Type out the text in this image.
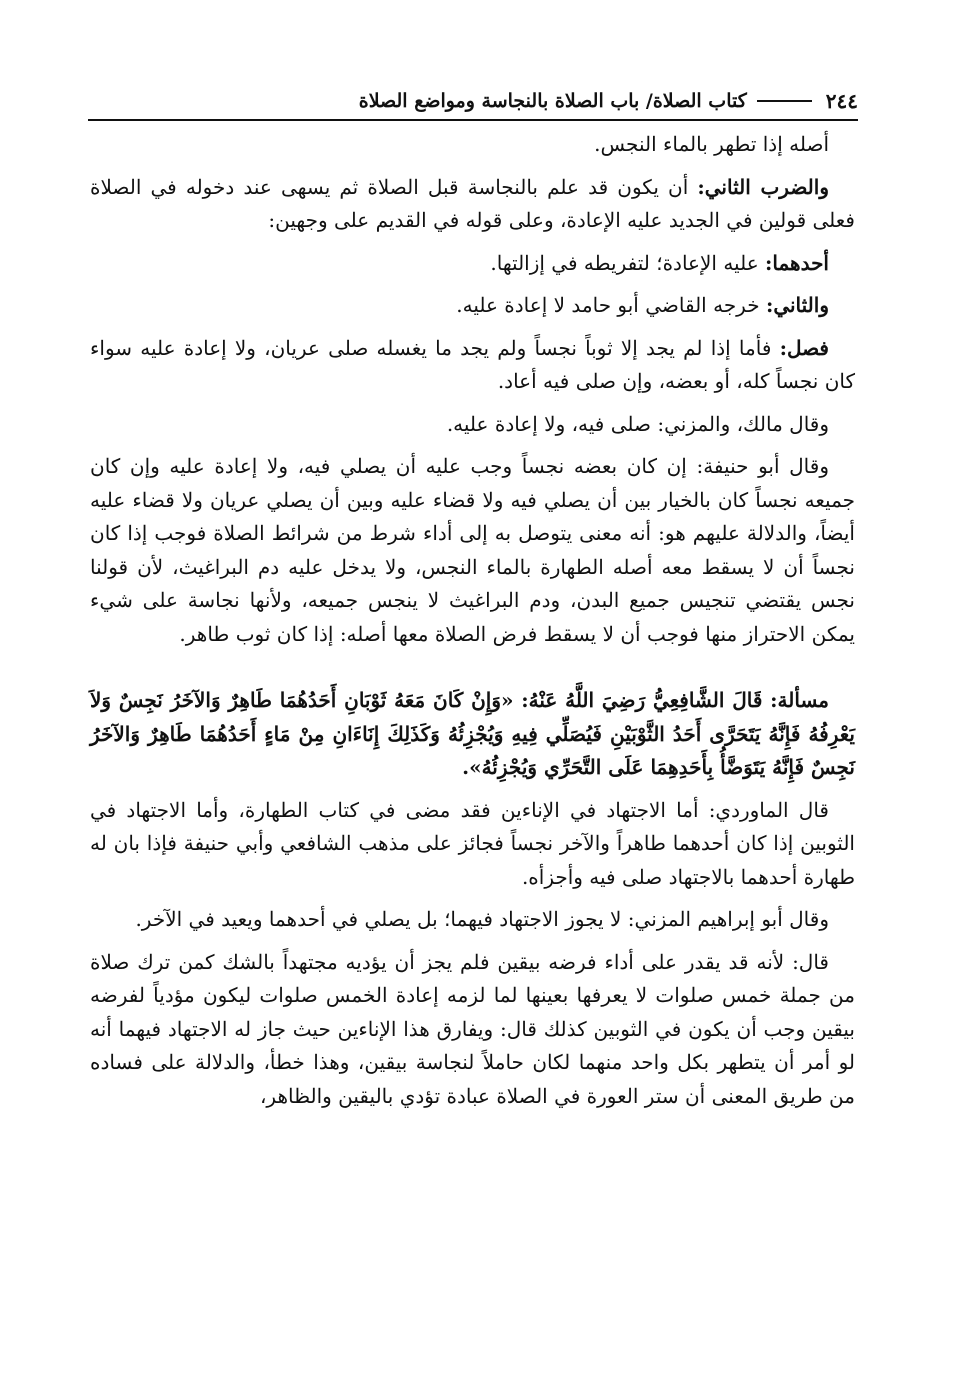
٢٤٤
كتاب الصلاة/ باب الصلاة بالنجاسة ومواضع الصلاة

أصله إذا تطهر بالماء النجس.

والضرب الثاني: أن يكون قد علم بالنجاسة قبل الصلاة ثم يسهى عند دخوله في الصلاة فعلى قولين في الجديد عليه الإعادة، وعلى قوله في القديم على وجهين:

أحدهما: عليه الإعادة؛ لتفريطه في إزالتها.

والثاني: خرجه القاضي أبو حامد لا إعادة عليه.

فصل: فأما إذا لم يجد إلا ثوباً نجساً ولم يجد ما يغسله صلى عريان، ولا إعادة عليه سواء كان نجساً كله، أو بعضه، وإن صلى فيه أعاد.

وقال مالك، والمزني: صلى فيه، ولا إعادة عليه.

وقال أبو حنيفة: إن كان بعضه نجساً وجب عليه أن يصلي فيه، ولا إعادة عليه وإن كان جميعه نجساً كان بالخيار بين أن يصلي فيه ولا قضاء عليه وبين أن يصلي عريان ولا قضاء عليه أيضاً، والدلالة عليهم هو: أنه معنى يتوصل به إلى أداء شرط من شرائط الصلاة فوجب إذا كان نجساً أن لا يسقط معه أصله الطهارة بالماء النجس، ولا يدخل عليه دم البراغيث، لأن قولنا نجس يقتضي تنجيس جميع البدن، ودم البراغيث لا ينجس جميعه، ولأنها نجاسة على شيء يمكن الاحتراز منها فوجب أن لا يسقط فرض الصلاة معها أصله: إذا كان ثوب طاهر.

مسألة: قَالَ الشَّافِعِيُّ رَضِيَ اللَّهُ عَنْهُ: «وَإِنْ كَانَ مَعَهُ ثَوْبَانِ أَحَدُهُمَا طَاهِرٌ وَالآخَرُ نَجِسٌ وَلاَ يَعْرِفُهُ فَإِنَّهُ يَتَحَرَّى أَحَدُ الثَّوْبَيْنِ فَيُصَلِّي فِيهِ وَيُجْزِئُهُ وَكَذَلِكَ إِنَاءَانِ مِنْ مَاءٍ أَحَدُهُمَا طَاهِرٌ وَالآخَرُ نَجِسٌ فَإِنَّهُ يَتَوَضَّأُ بِأَحَدِهِمَا عَلَى التَّحَرِّي وَيُجْزِئُهُ».

قال الماوردي: أما الاجتهاد في الإناءين فقد مضى في كتاب الطهارة، وأما الاجتهاد في الثوبين إذا كان أحدهما طاهراً والآخر نجساً فجائز على مذهب الشافعي وأبي حنيفة فإذا بان له طهارة أحدهما بالاجتهاد صلى فيه وأجزأه.

وقال أبو إبراهيم المزني: لا يجوز الاجتهاد فيهما؛ بل يصلي في أحدهما ويعيد في الآخر.

قال: لأنه قد يقدر على أداء فرضه بيقين فلم يجز أن يؤديه مجتهداً بالشك كمن ترك صلاة من جملة خمس صلوات لا يعرفها بعينها لما لزمه إعادة الخمس صلوات ليكون مؤدياً لفرضه بيقين وجب أن يكون في الثوبين كذلك قال: ويفارق هذا الإناءين حيث جاز له الاجتهاد فيهما أنه لو أمر أن يتطهر بكل واحد منهما لكان حاملاً لنجاسة بيقين، وهذا خطأ، والدلالة على فساده من طريق المعنى أن ستر العورة في الصلاة عبادة تؤدي باليقين والظاهر،
